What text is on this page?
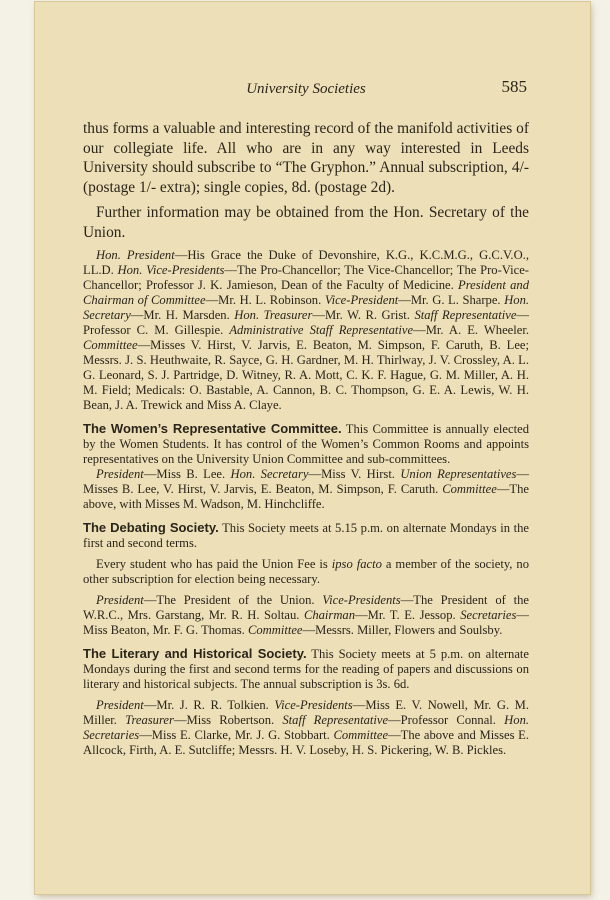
University Societies	585

thus forms a valuable and interesting record of the manifold activities of our collegiate life. All who are in any way interested in Leeds University should subscribe to “The Gryphon.” Annual subscription, 4/- (postage 1/- extra); single copies, 8d. (postage 2d).

Further information may be obtained from the Hon. Secretary of the Union.

Hon. President—His Grace the Duke of Devonshire, K.G., K.C.M.G., G.C.V.O., LL.D. Hon. Vice-Presidents—The Pro-Chancellor; The Vice-Chancellor; The Pro-Vice-Chancellor; Professor J. K. Jamieson, Dean of the Faculty of Medicine. President and Chairman of Committee—Mr. H. L. Robinson. Vice-President—Mr. G. L. Sharpe. Hon. Secretary—Mr. H. Marsden. Hon. Treasurer—Mr. W. R. Grist. Staff Representative—Professor C. M. Gillespie. Administrative Staff Representative—Mr. A. E. Wheeler. Committee—Misses V. Hirst, V. Jarvis, E. Beaton, M. Simpson, F. Caruth, B. Lee; Messrs. J. S. Heuthwaite, R. Sayce, G. H. Gardner, M. H. Thirlway, J. V. Crossley, A. L. G. Leonard, S. J. Partridge, D. Witney, R. A. Mott, C. K. F. Hague, G. M. Miller, A. H. M. Field; Medicals: O. Bastable, A. Cannon, B. C. Thompson, G. E. A. Lewis, W. H. Bean, J. A. Trewick and Miss A. Claye.

The Women’s Representative Committee. This Committee is annually elected by the Women Students. It has control of the Women’s Common Rooms and appoints representatives on the University Union Committee and sub-committees.

President—Miss B. Lee. Hon. Secretary—Miss V. Hirst. Union Representatives—Misses B. Lee, V. Hirst, V. Jarvis, E. Beaton, M. Simpson, F. Caruth. Committee—The above, with Misses M. Wadson, M. Hinchcliffe.

The Debating Society. This Society meets at 5.15 p.m. on alternate Mondays in the first and second terms.

Every student who has paid the Union Fee is ipso facto a member of the society, no other subscription for election being necessary.

President—The President of the Union. Vice-Presidents—The President of the W.R.C., Mrs. Garstang, Mr. R. H. Soltau. Chairman—Mr. T. E. Jessop. Secretaries—Miss Beaton, Mr. F. G. Thomas. Committee—Messrs. Miller, Flowers and Soulsby.

The Literary and Historical Society. This Society meets at 5 p.m. on alternate Mondays during the first and second terms for the reading of papers and discussions on literary and historical subjects. The annual subscription is 3s. 6d.

President—Mr. J. R. R. Tolkien. Vice-Presidents—Miss E. V. Nowell, Mr. G. M. Miller. Treasurer—Miss Robertson. Staff Representative—Professor Connal. Hon. Secretaries—Miss E. Clarke, Mr. J. G. Stobbart. Committee—The above and Misses E. Allcock, Firth, A. E. Sutcliffe; Messrs. H. V. Loseby, H. S. Pickering, W. B. Pickles.
